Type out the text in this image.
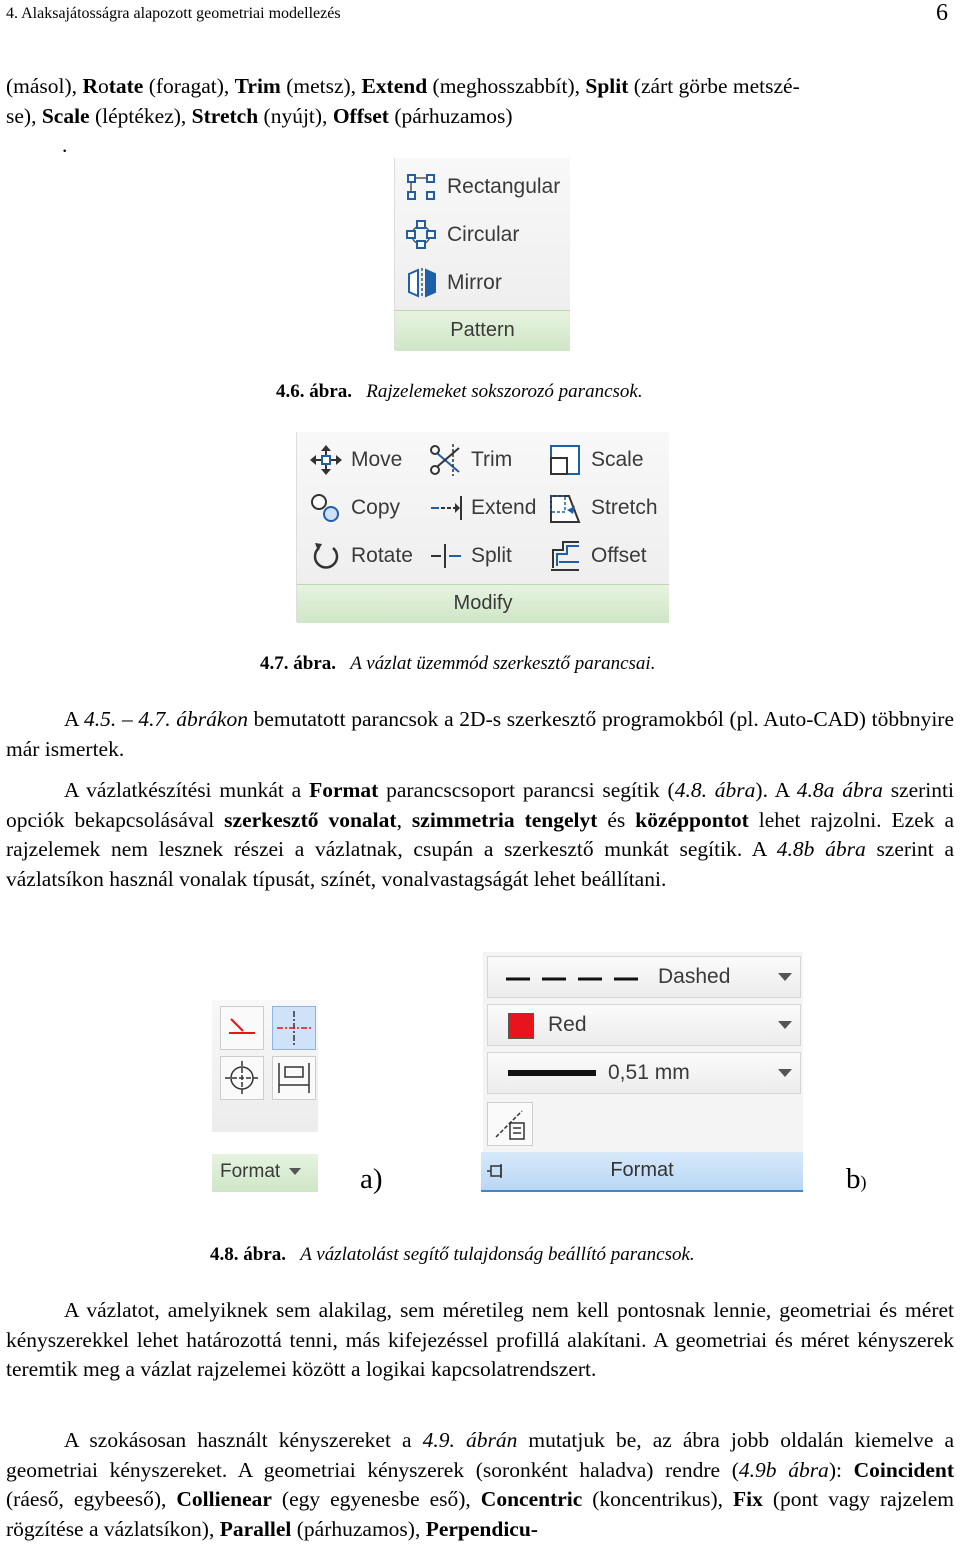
4. Alaksajátosságra alapozott geometriai modellezés	6
(másol), Rotate (foragat), Trim (metsz), Extend (meghosszabbít), Split (zárt görbe metszé-
se), Scale (léptékez), Stretch (nyújt), Offset (párhuzamos)
.
Rectangular
Circular
Mirror
Pattern
4.6. ábra. Rajzelemeket sokszorozó parancsok.
Move
Copy
Rotate
Trim
Extend
Split
Scale
Stretch
Offset
Modify
4.7. ábra. A vázlat üzemmód szerkesztő parancsai.
A 4.5. – 4.7. ábrákon bemutatott parancsok a 2D-s szerkesztő programokból (pl. Auto-CAD) többnyire már ismertek.
A vázlatkészítési munkát a Format parancscsoport parancsi segítik (4.8. ábra). A 4.8a ábra szerinti opciók bekapcsolásával szerkesztő vonalat, szimmetria tengelyt és középpontot lehet rajzolni. Ezek a rajzelemek nem lesznek részei a vázlatnak, csupán a szerkesztő munkát segítik. A 4.8b ábra szerint a vázlatsíkon használ vonalak típusát, színét, vonalvastagságát lehet beállítani.
Format	a)
Dashed
Red
0,51 mm
Format	b)
4.8. ábra. A vázlatolást segítő tulajdonság beállító parancsok.
A vázlatot, amelyiknek sem alakilag, sem méretileg nem kell pontosnak lennie, geometriai és méret kényszerekkel lehet határozottá tenni, más kifejezéssel profillá alakítani. A geometriai és méret kényszerek teremtik meg a vázlat rajzelemei között a logikai kapcsolatrendszert.
A szokásosan használt kényszereket a 4.9. ábrán mutatjuk be, az ábra jobb oldalán kiemelve a geometriai kényszereket. A geometriai kényszerek (soronként haladva) rendre (4.9b ábra): Coincident (ráeső, egybeeső), Collienear (egy egyenesbe eső), Concentric (koncentrikus), Fix (pont vagy rajzelem rögzítése a vázlatsíkon), Parallel (párhuzamos), Perpendicu-
